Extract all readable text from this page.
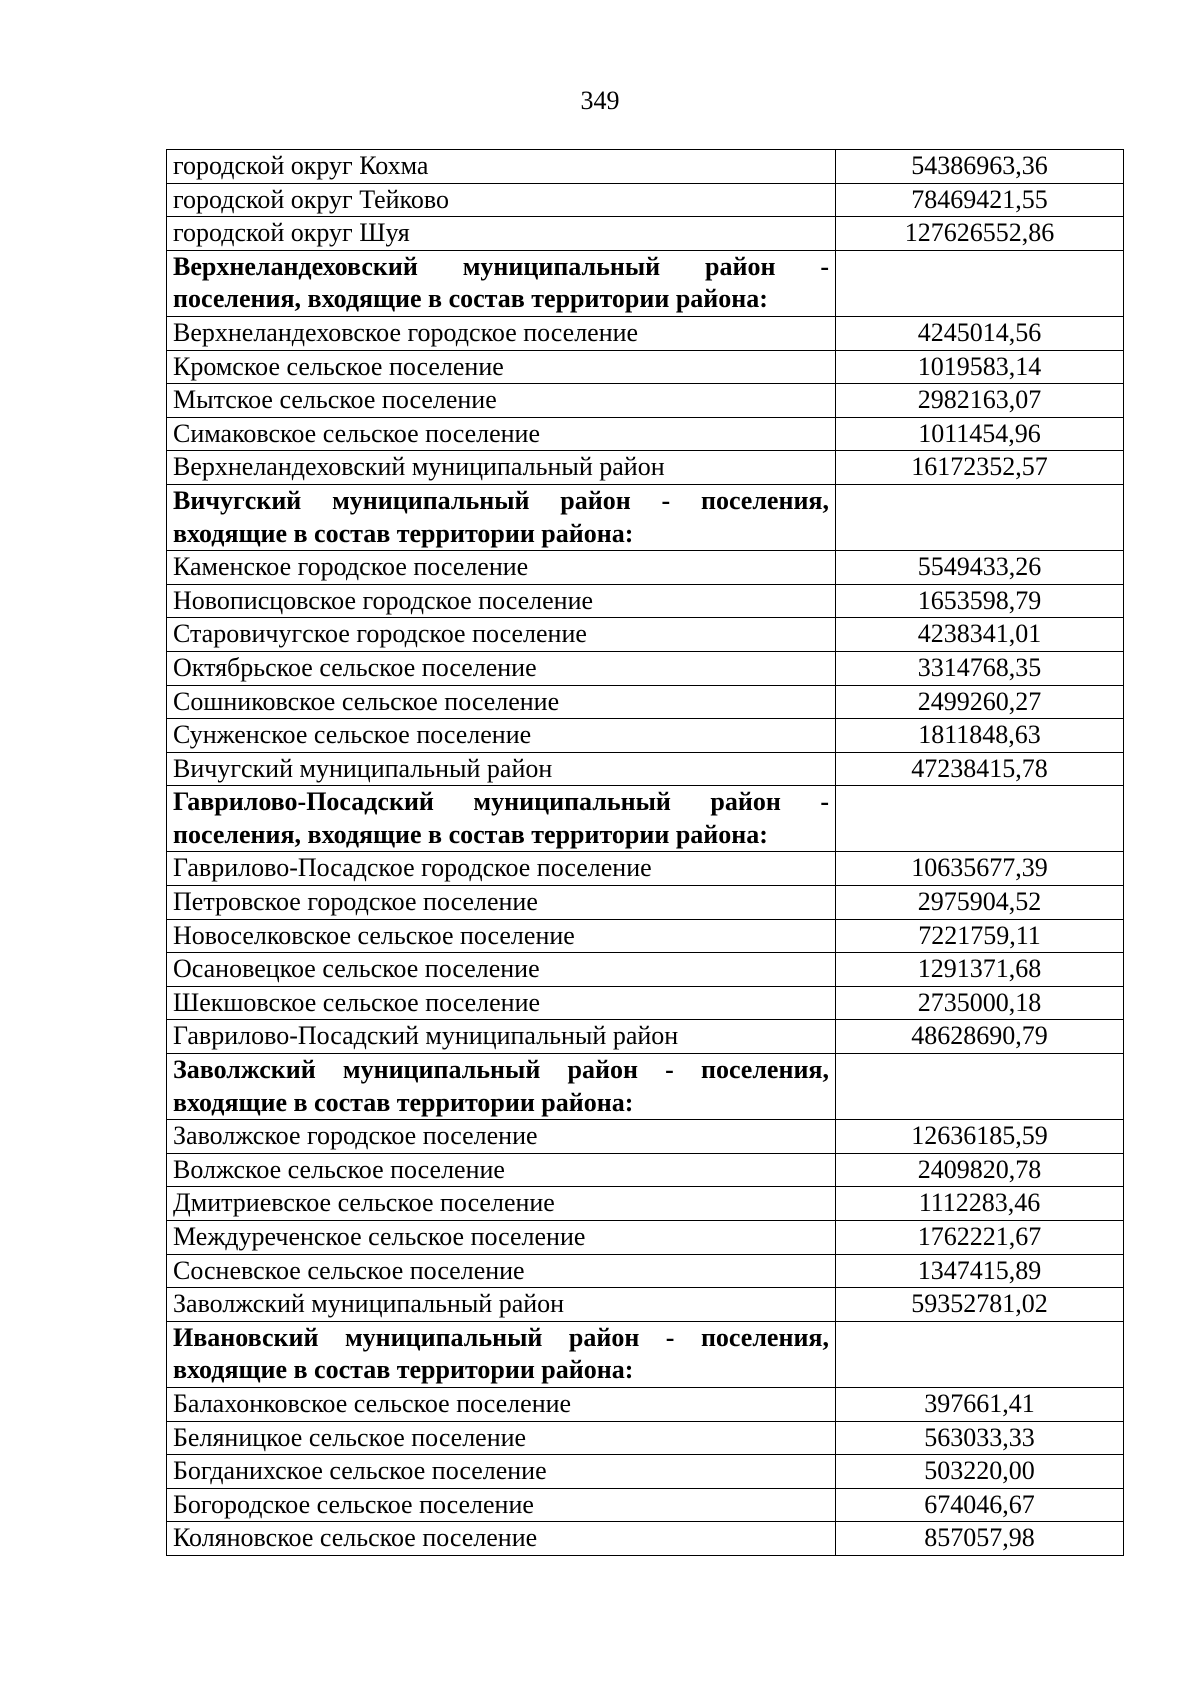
349
городской округ Кохма	54386963,36
городской округ Тейково	78469421,55
городской округ Шуя	127626552,86
Верхнеландеховский муниципальный район - поселения, входящие в состав территории района:	
Верхнеландеховское городское поселение	4245014,56
Кромское сельское поселение	1019583,14
Мытское сельское поселение	2982163,07
Симаковское сельское поселение	1011454,96
Верхнеландеховский муниципальный район	16172352,57
Вичугский муниципальный район - поселения, входящие в состав территории района:	
Каменское городское поселение	5549433,26
Новописцовское городское поселение	1653598,79
Старовичугское городское поселение	4238341,01
Октябрьское сельское поселение	3314768,35
Сошниковское сельское поселение	2499260,27
Сунженское сельское поселение	1811848,63
Вичугский муниципальный район	47238415,78
Гаврилово-Посадский муниципальный район - поселения, входящие в состав территории района:	
Гаврилово-Посадское городское поселение	10635677,39
Петровское городское поселение	2975904,52
Новоселковское сельское поселение	7221759,11
Осановецкое сельское поселение	1291371,68
Шекшовское сельское поселение	2735000,18
Гаврилово-Посадский муниципальный район	48628690,79
Заволжский муниципальный район - поселения, входящие в состав территории района:	
Заволжское городское поселение	12636185,59
Волжское сельское поселение	2409820,78
Дмитриевское сельское поселение	1112283,46
Междуреченское сельское поселение	1762221,67
Сосневское сельское поселение	1347415,89
Заволжский муниципальный район	59352781,02
Ивановский муниципальный район - поселения, входящие в состав территории района:	
Балахонковское сельское поселение	397661,41
Беляницкое сельское поселение	563033,33
Богданихское сельское поселение	503220,00
Богородское сельское поселение	674046,67
Коляновское сельское поселение	857057,98
